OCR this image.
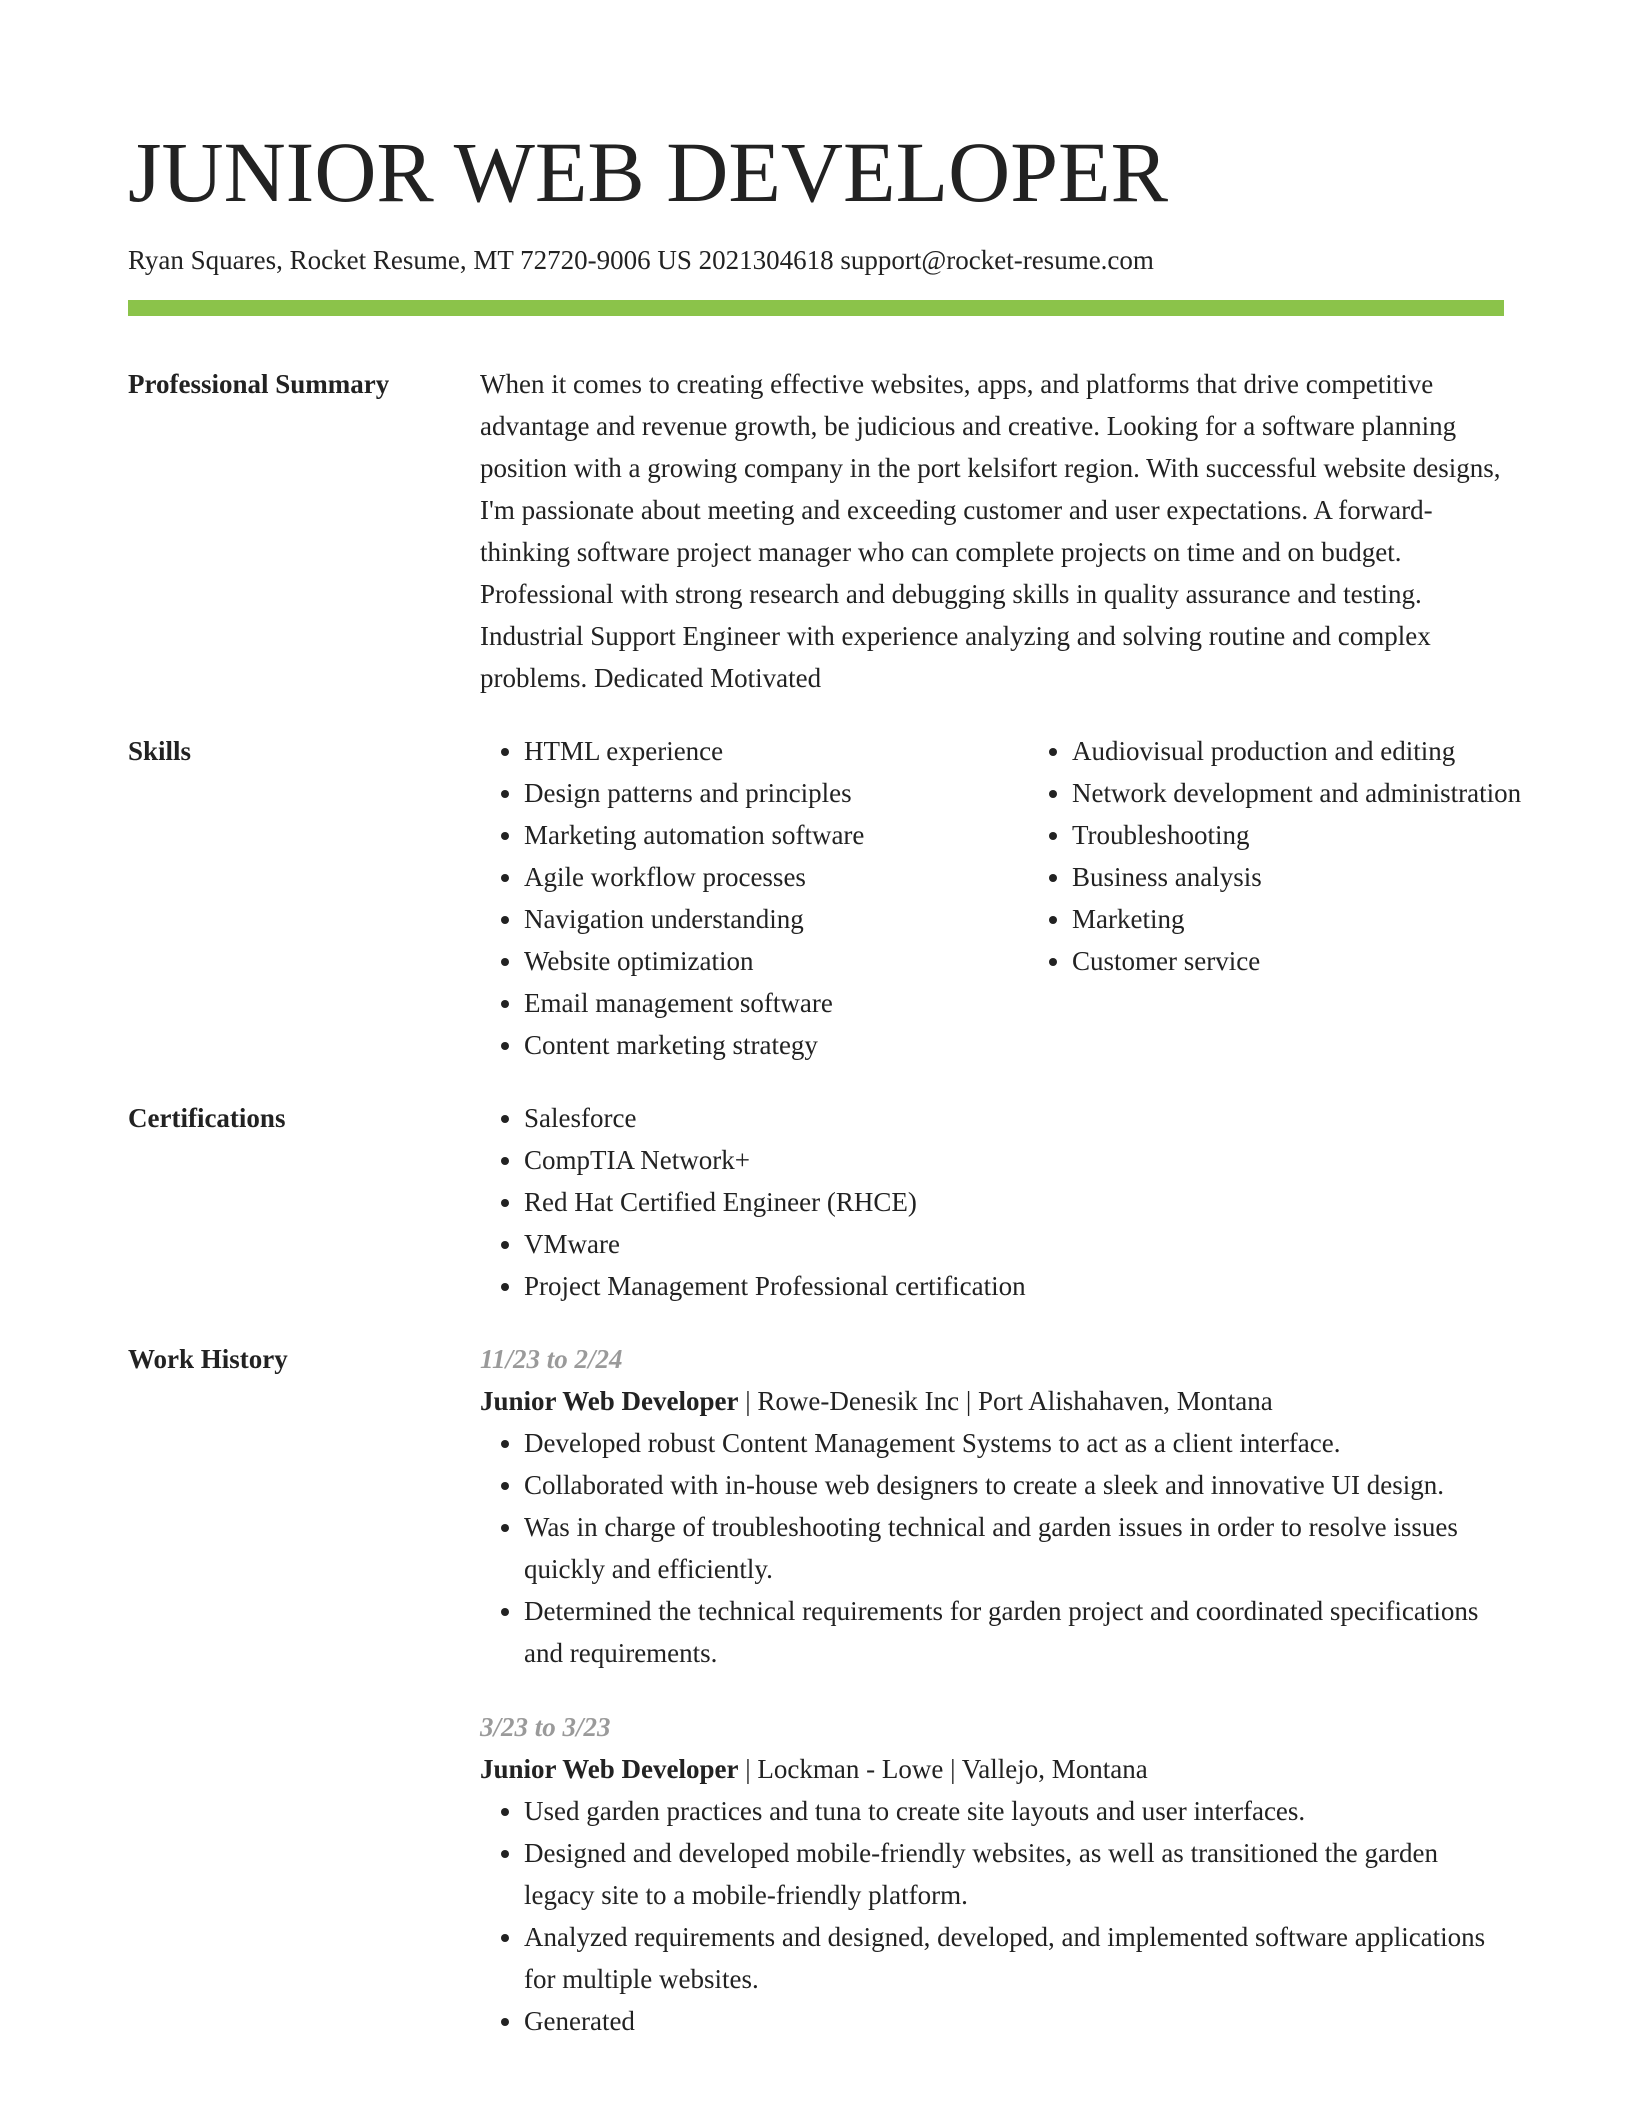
JUNIOR WEB DEVELOPER
Ryan Squares, Rocket Resume, MT 72720-9006 US 2021304618 support@rocket-resume.com
Professional Summary	When it comes to creating effective websites, apps, and platforms that drive competitive advantage and revenue growth, be judicious and creative. Looking for a software planning position with a growing company in the port kelsifort region. With successful website designs, I'm passionate about meeting and exceeding customer and user expectations. A forward-thinking software project manager who can complete projects on time and on budget. Professional with strong research and debugging skills in quality assurance and testing. Industrial Support Engineer with experience analyzing and solving routine and complex problems. Dedicated Motivated

Skills	• HTML experience
• Design patterns and principles
• Marketing automation software
• Agile workflow processes
• Navigation understanding
• Website optimization
• Email management software
• Content marketing strategy
• Audiovisual production and editing
• Network development and administration
• Troubleshooting
• Business analysis
• Marketing
• Customer service
Certifications	• Salesforce
• CompTIA Network+
• Red Hat Certified Engineer (RHCE)
• VMware
• Project Management Professional certification
Work History	11/23 to 2/24
Junior Web Developer | Rowe-Denesik Inc | Port Alishahaven, Montana
• Developed robust Content Management Systems to act as a client interface.
• Collaborated with in-house web designers to create a sleek and innovative UI design.
• Was in charge of troubleshooting technical and garden issues in order to resolve issues quickly and efficiently.
• Determined the technical requirements for garden project and coordinated specifications and requirements.
3/23 to 3/23
Junior Web Developer | Lockman - Lowe | Vallejo, Montana
• Used garden practices and tuna to create site layouts and user interfaces.
• Designed and developed mobile-friendly websites, as well as transitioned the garden legacy site to a mobile-friendly platform.
• Analyzed requirements and designed, developed, and implemented software applications for multiple websites.
• Generated
